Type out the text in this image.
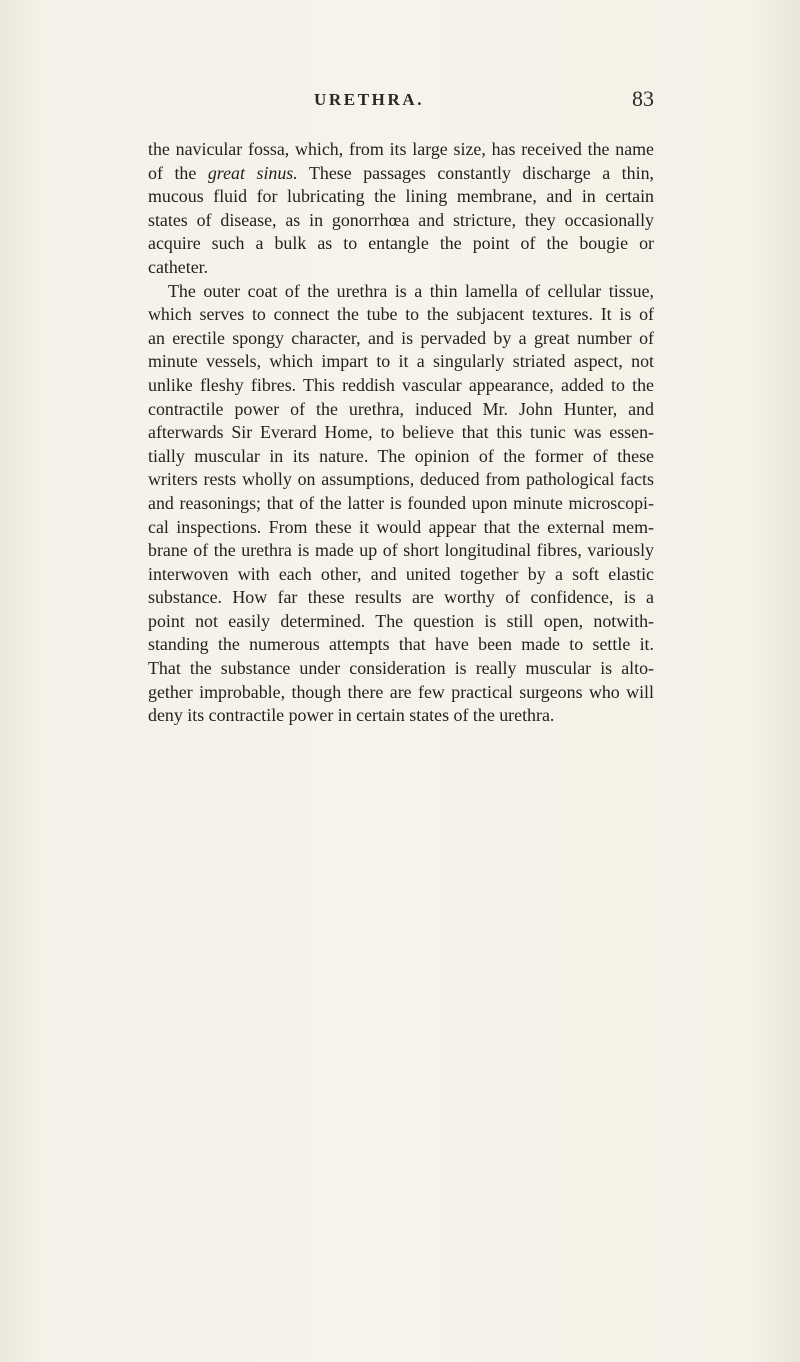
URETHRA.	83

the navicular fossa, which, from its large size, has received the name
of the great sinus. These passages constantly discharge a thin,
mucous fluid for lubricating the lining membrane, and in certain
states of disease, as in gonorrhœa and stricture, they occasionally
acquire such a bulk as to entangle the point of the bougie or
catheter.

The outer coat of the urethra is a thin lamella of cellular tissue,
which serves to connect the tube to the subjacent textures. It is of
an erectile spongy character, and is pervaded by a great number of
minute vessels, which impart to it a singularly striated aspect, not
unlike fleshy fibres. This reddish vascular appearance, added to the
contractile power of the urethra, induced Mr. John Hunter, and
afterwards Sir Everard Home, to believe that this tunic was essen-
tially muscular in its nature. The opinion of the former of these
writers rests wholly on assumptions, deduced from pathological facts
and reasonings; that of the latter is founded upon minute microscopi-
cal inspections. From these it would appear that the external mem-
brane of the urethra is made up of short longitudinal fibres, variously
interwoven with each other, and united together by a soft elastic
substance. How far these results are worthy of confidence, is a
point not easily determined. The question is still open, notwith-
standing the numerous attempts that have been made to settle it.
That the substance under consideration is really muscular is alto-
gether improbable, though there are few practical surgeons who will
deny its contractile power in certain states of the urethra.
